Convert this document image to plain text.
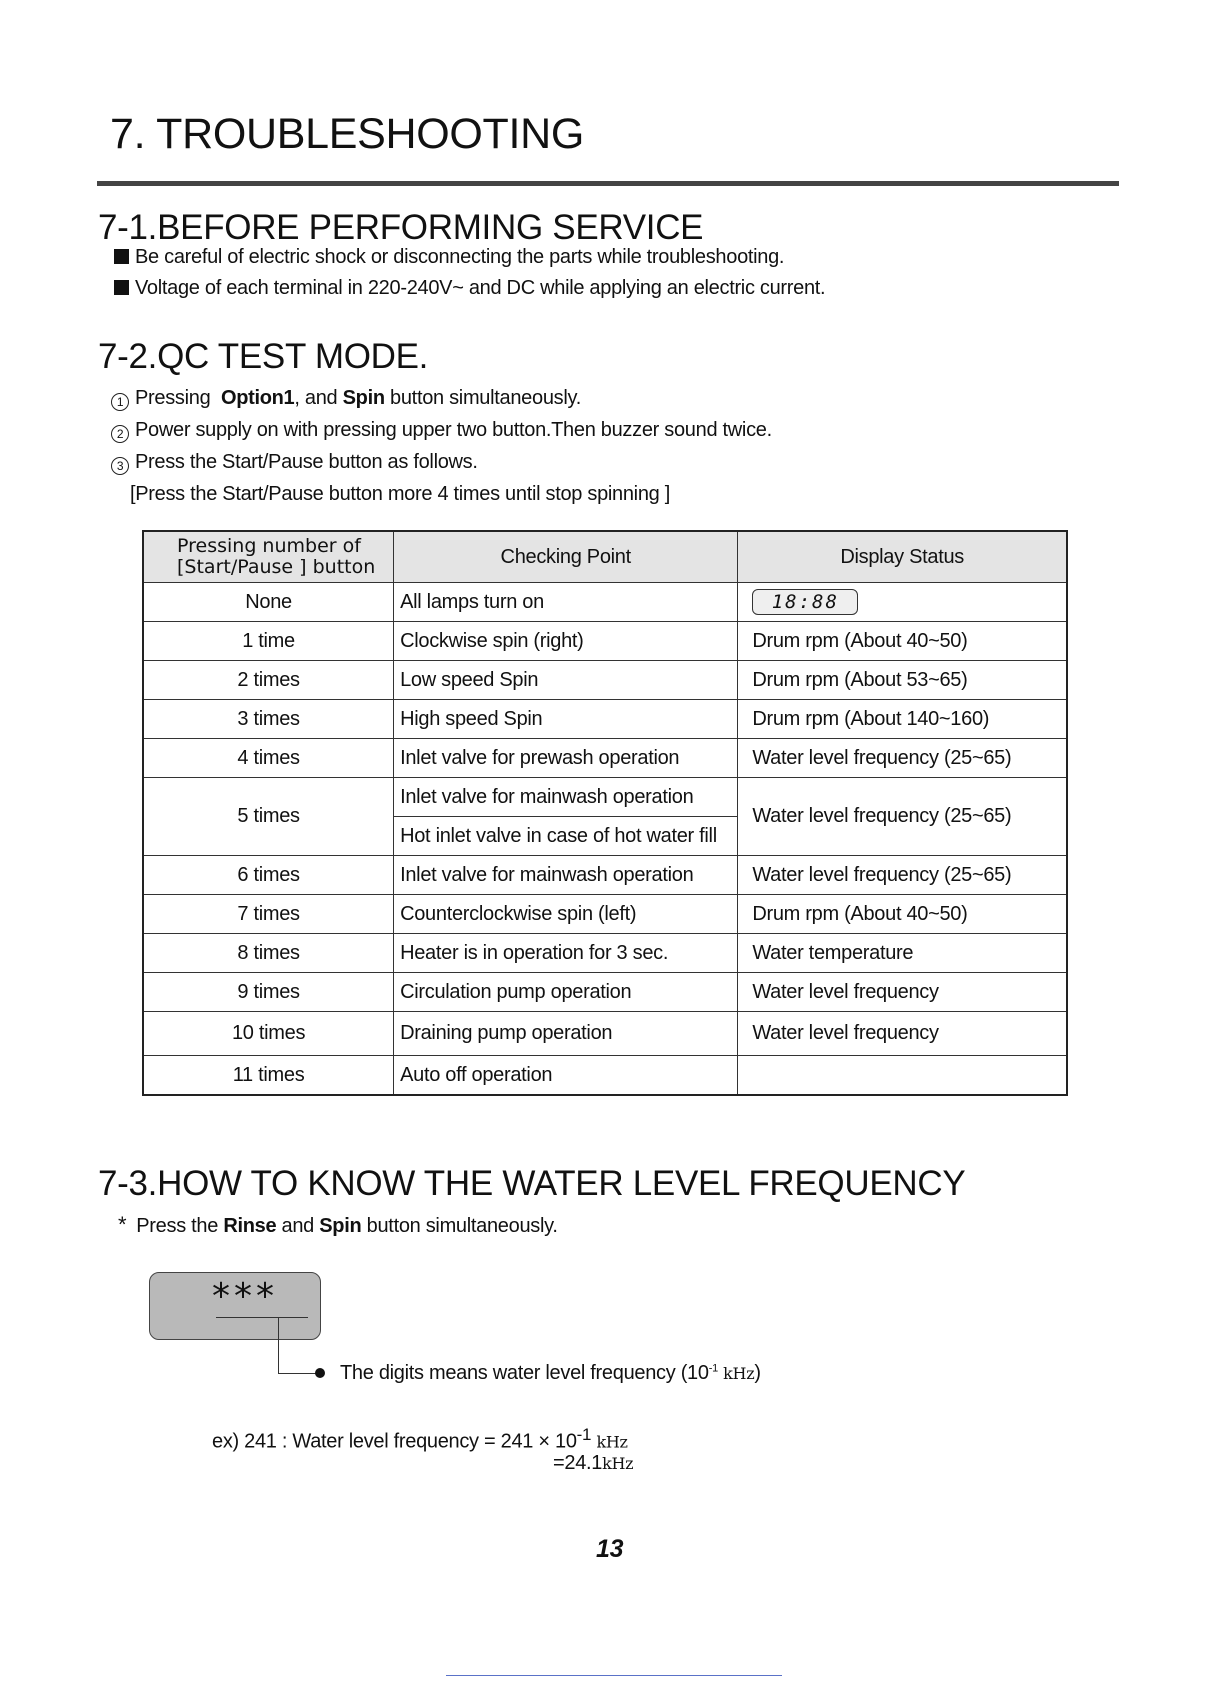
7. TROUBLESHOOTING
7-1.BEFORE PERFORMING SERVICE
Be careful of electric shock or disconnecting the parts while troubleshooting.
Voltage of each terminal in 220-240V~ and DC while applying an electric current.
7-2.QC TEST MODE.
1 Pressing  Option1, and Spin button simultaneously.
2 Power supply on with pressing upper two button.Then buzzer sound twice.
3 Press the Start/Pause button as follows.
[Press the Start/Pause button more 4 times until stop spinning ]
Pressing number of
[Start/Pause ] button	Checking Point	Display Status
None	All lamps turn on	18:88
1 time	Clockwise spin (right)	Drum rpm (About 40~50)
2 times	Low speed Spin	Drum rpm (About 53~65)
3 times	High speed Spin	Drum rpm (About 140~160)
4 times	Inlet valve for prewash operation	Water level frequency (25~65)
5 times	Inlet valve for mainwash operation	Water level frequency (25~65)
	Hot inlet valve in case of hot water fill	
6 times	Inlet valve for mainwash operation	Water level frequency (25~65)
7 times	Counterclockwise spin (left)	Drum rpm (About 40~50)
8 times	Heater is in operation for 3 sec.	Water temperature
9 times	Circulation pump operation	Water level frequency
10 times	Draining pump operation	Water level frequency
11 times	Auto off operation	
7-3.HOW TO KNOW THE WATER LEVEL FREQUENCY
* Press the Rinse and Spin button simultaneously.
***
The digits means water level frequency ($10^{-1}$ kHz)
ex) 241 : Water level frequency = $241 \times 10^{-1}$ kHz
=24.1kHz
13
